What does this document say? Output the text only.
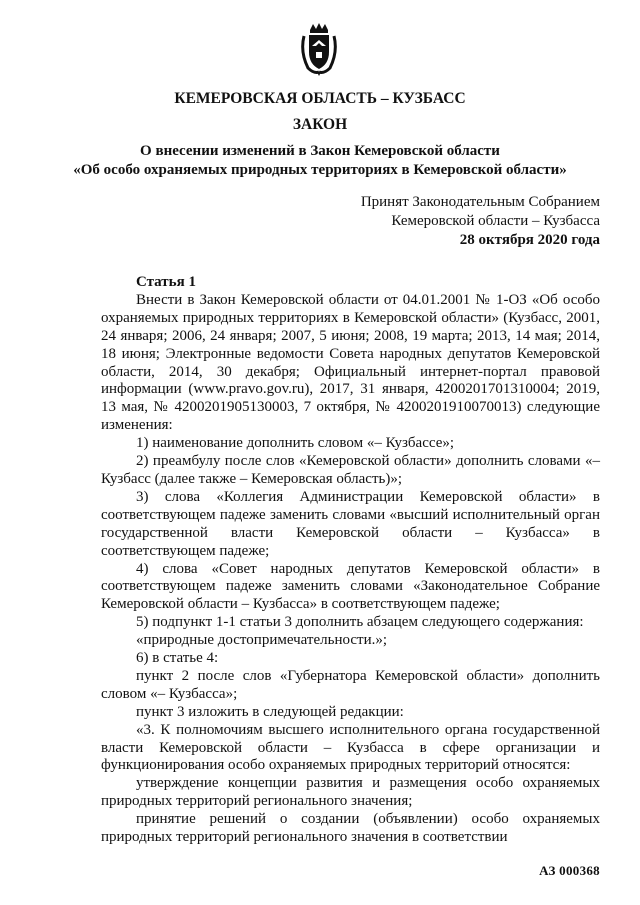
КЕМЕРОВСКАЯ ОБЛАСТЬ – КУЗБАСС
ЗАКОН
О внесении изменений в Закон Кемеровской области
«Об особо охраняемых природных территориях в Кемеровской области»
Принят Законодательным Собранием
Кемеровской области – Кузбасса
28 октября 2020 года

Статья 1

Внести в Закон Кемеровской области от 04.01.2001 № 1-ОЗ «Об особо охраняемых природных территориях в Кемеровской области» (Кузбасс, 2001, 24 января; 2006, 24 января; 2007, 5 июня; 2008, 19 марта; 2013, 14 мая; 2014, 18 июня; Электронные ведомости Совета народных депутатов Кемеровской области, 2014, 30 декабря; Официальный интернет-портал правовой информации (www.pravo.gov.ru), 2017, 31 января, 4200201701310004; 2019, 13 мая, № 4200201905130003, 7 октября, № 4200201910070013) следующие изменения:

1) наименование дополнить словом «– Кузбассе»;

2) преамбулу после слов «Кемеровской области» дополнить словами «– Кузбасс (далее также – Кемеровская область)»;

3) слова «Коллегия Администрации Кемеровской области» в соответствующем падеже заменить словами «высший исполнительный орган государственной власти Кемеровской области – Кузбасса» в соответствующем падеже;

4) слова «Совет народных депутатов Кемеровской области» в соответствующем падеже заменить словами «Законодательное Собрание Кемеровской области – Кузбасса» в соответствующем падеже;

5) подпункт 1-1 статьи 3 дополнить абзацем следующего содержания:

«природные достопримечательности.»;

6) в статье 4:

пункт 2 после слов «Губернатора Кемеровской области» дополнить словом «– Кузбасса»;

пункт 3 изложить в следующей редакции:

«3. К полномочиям высшего исполнительного органа государственной власти Кемеровской области – Кузбасса в сфере организации и функционирования особо охраняемых природных территорий относятся:

утверждение концепции развития и размещения особо охраняемых природных территорий регионального значения;

принятие решений о создании (объявлении) особо охраняемых природных территорий регионального значения в соответствии

АЗ 000368
